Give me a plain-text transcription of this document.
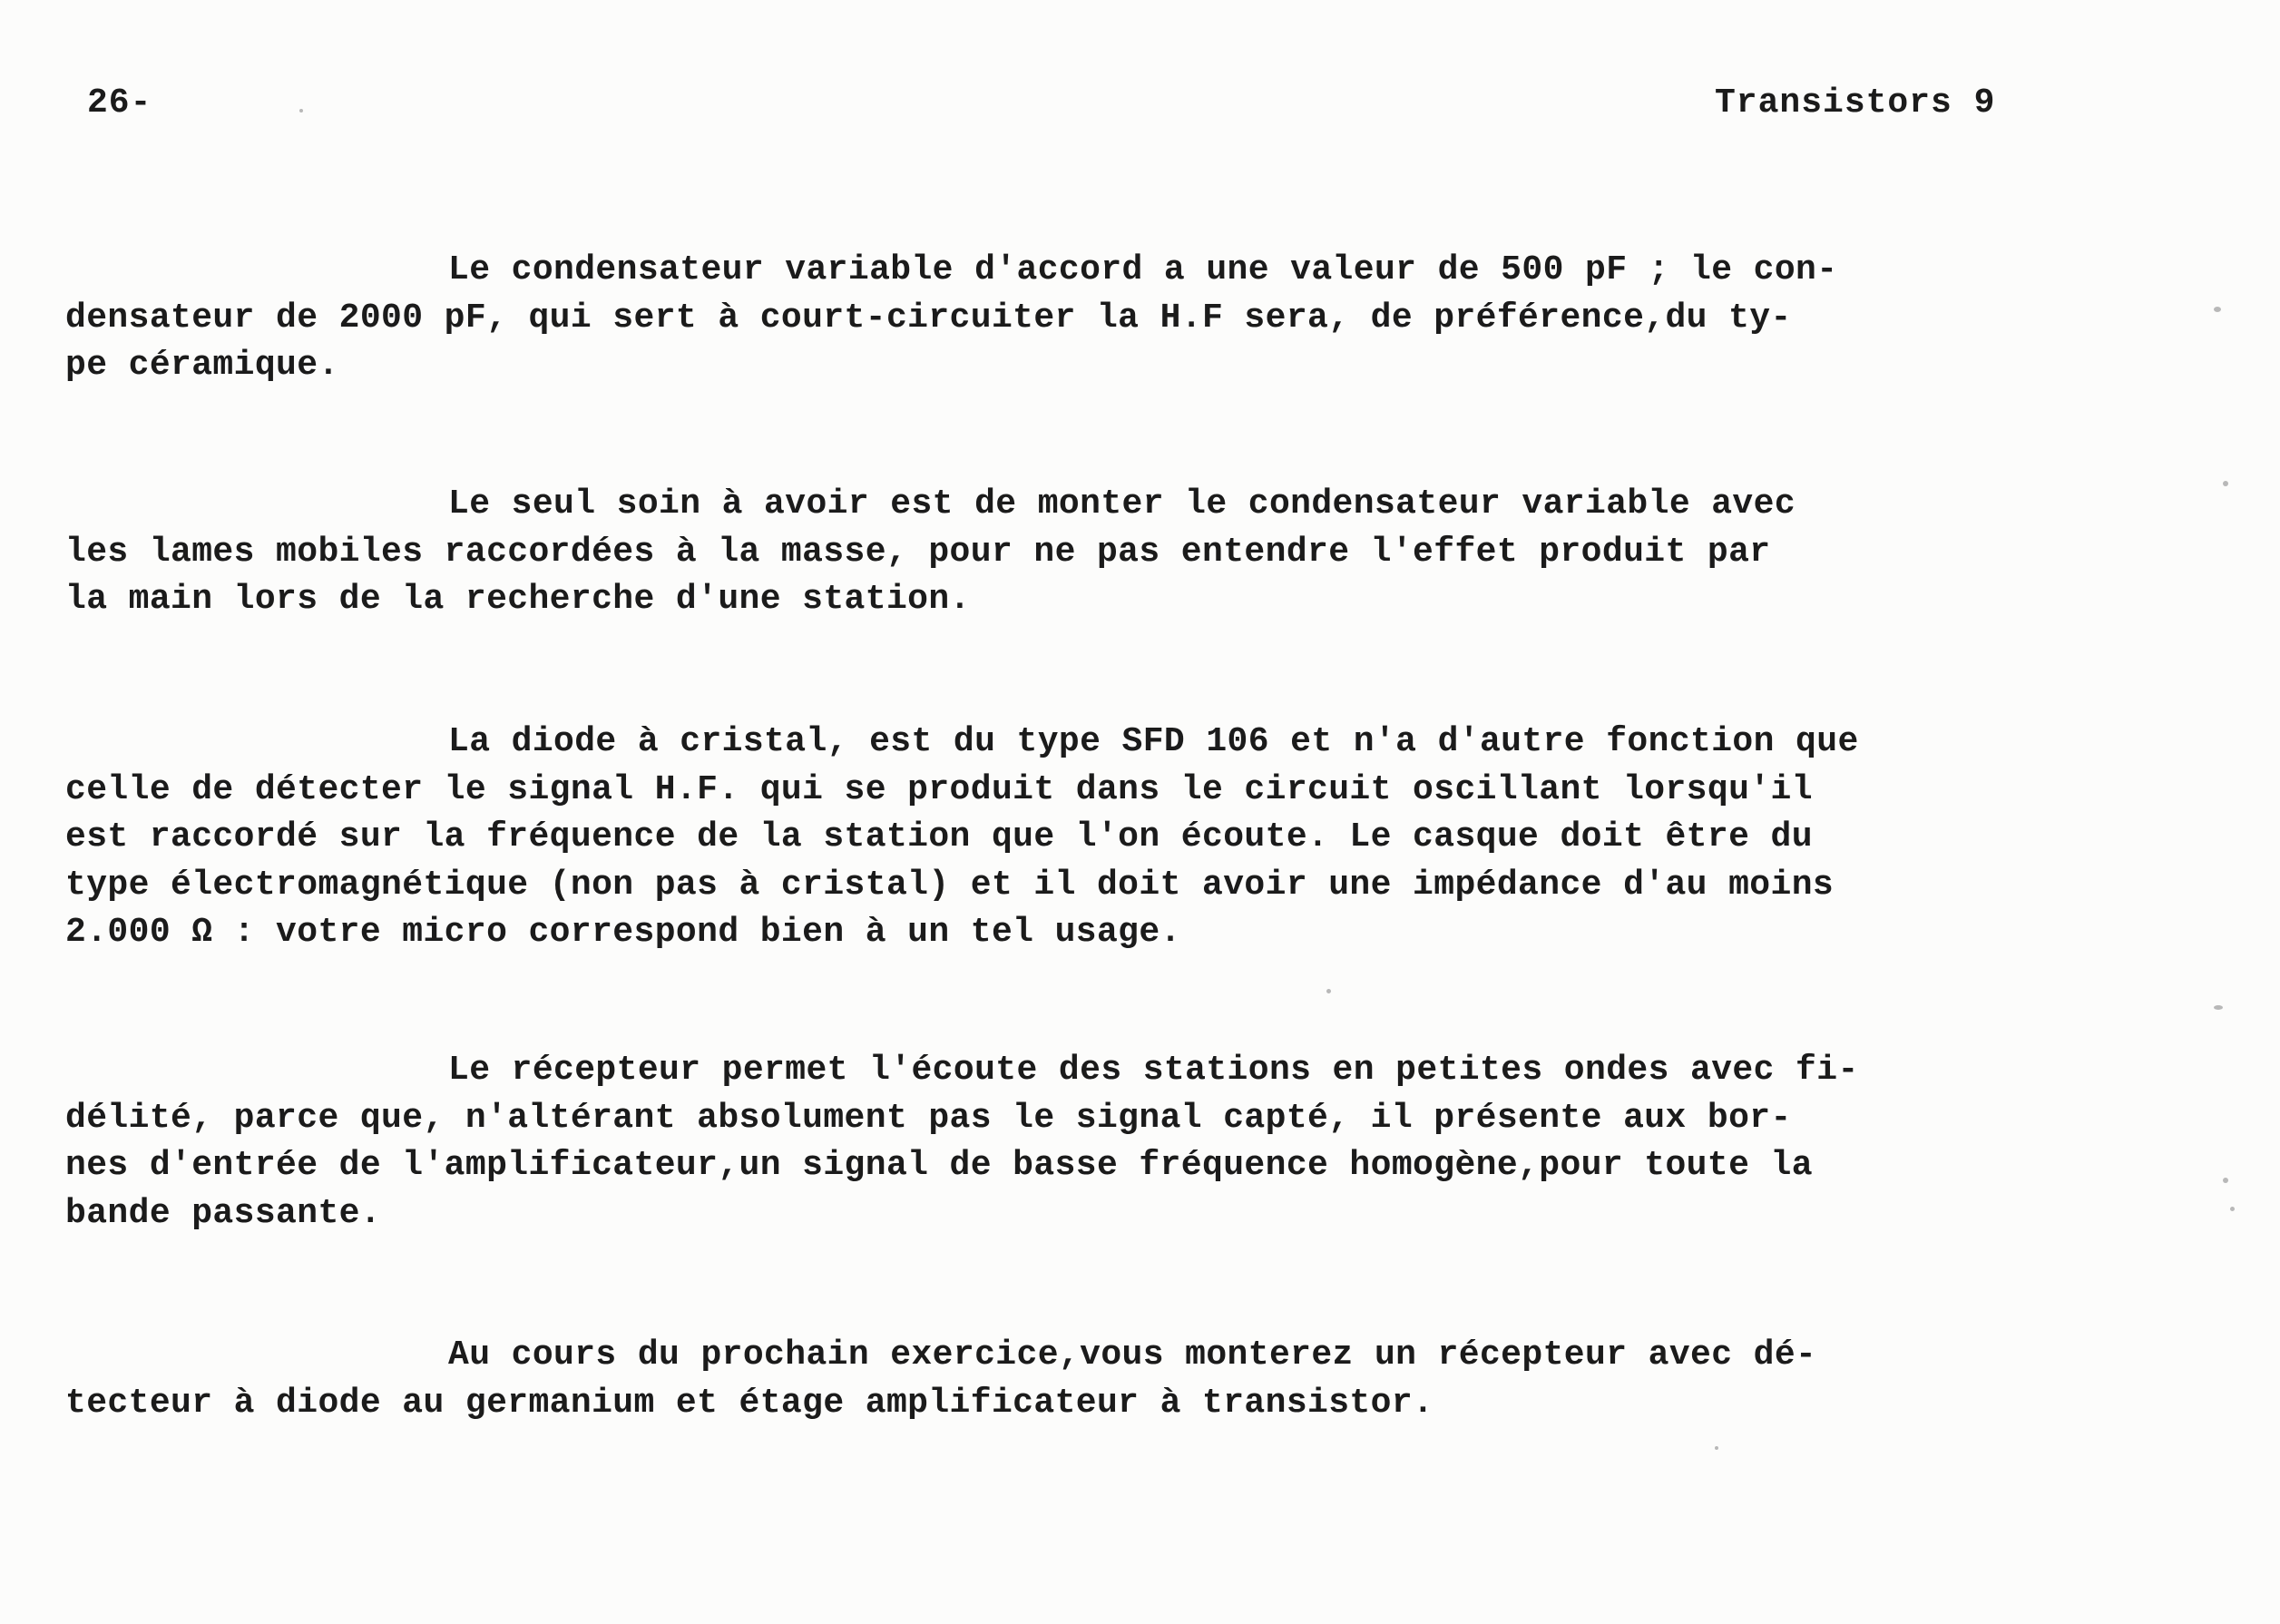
26-	Transistors 9
Le condensateur variable d'accord a une valeur de 500 pF ; le con-
densateur de 2000 pF, qui sert à court-circuiter la H.F sera, de préférence,du ty-
pe céramique.
Le seul soin à avoir est de monter le condensateur variable avec
les lames mobiles raccordées à la masse, pour ne pas entendre l'effet produit par
la main lors de la recherche d'une station.
La diode à cristal, est du type SFD 106 et n'a d'autre fonction que
celle de détecter le signal H.F. qui se produit dans le circuit oscillant lorsqu'il
est raccordé sur la fréquence de la station que l'on écoute. Le casque doit être du
type électromagnétique (non pas à cristal) et il doit avoir une impédance d'au moins
2.000 Ω : votre micro correspond bien à un tel usage.
Le récepteur permet l'écoute des stations en petites ondes avec fi-
délité, parce que, n'altérant absolument pas le signal capté, il présente aux bor-
nes d'entrée de l'amplificateur,un signal de basse fréquence homogène,pour toute la
bande passante.
Au cours du prochain exercice,vous monterez un récepteur avec dé-
tecteur à diode au germanium et étage amplificateur à transistor.
